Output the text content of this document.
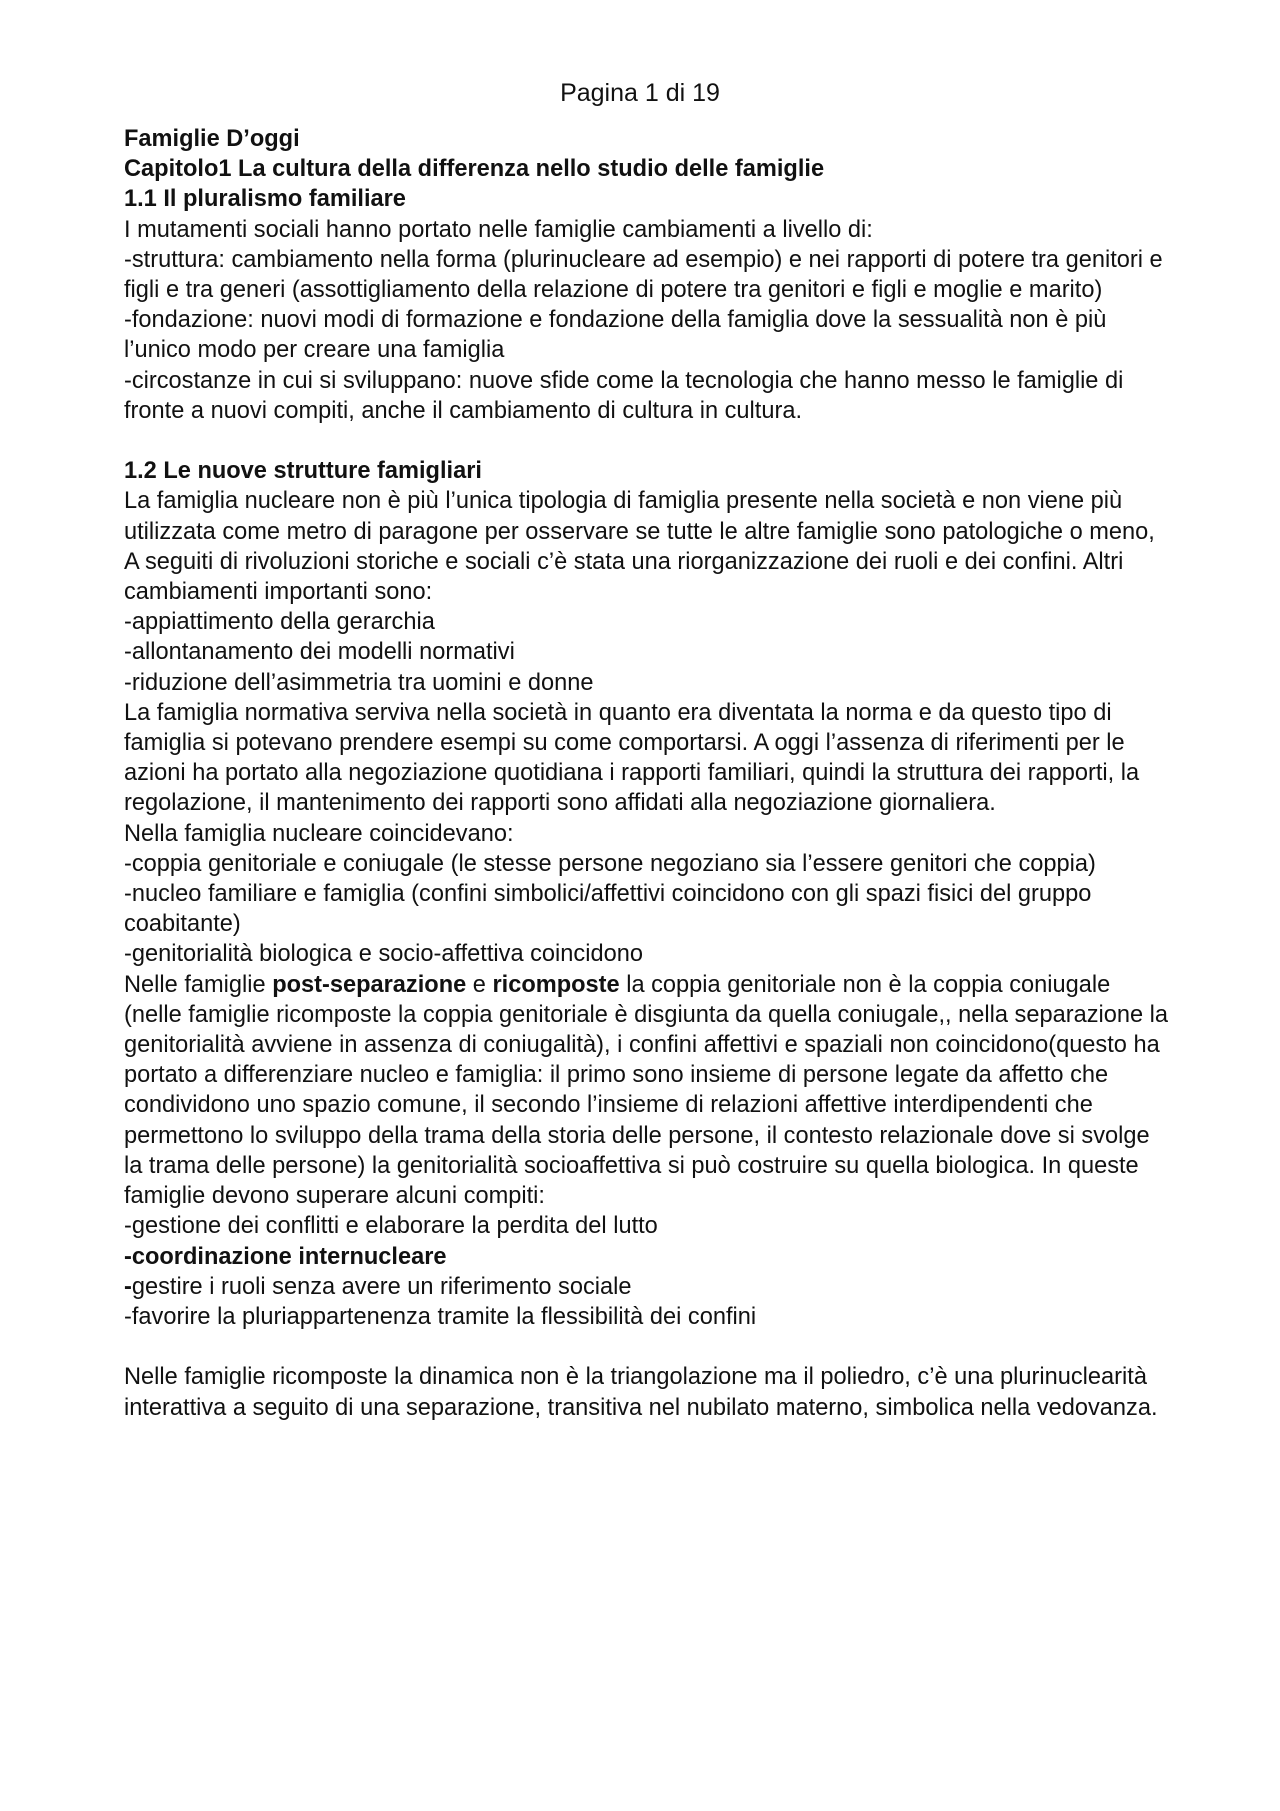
Pagina 1 di 19

Famiglie D’oggi

Capitolo1 La cultura della differenza nello studio delle famiglie

1.1 Il pluralismo familiare

I mutamenti sociali hanno portato nelle famiglie cambiamenti a livello di:

-struttura: cambiamento nella forma (plurinucleare ad esempio) e nei rapporti di potere tra genitori e figli e tra generi (assottigliamento della relazione di potere tra genitori e figli e moglie e marito)

-fondazione: nuovi modi di formazione e fondazione della famiglia dove la sessualità non è più l’unico modo per creare una famiglia

-circostanze in cui si sviluppano: nuove sfide come la tecnologia che hanno messo le famiglie di fronte a nuovi compiti, anche il cambiamento di cultura in cultura.

1.2 Le nuove strutture famigliari

La famiglia nucleare non è più l’unica tipologia di famiglia presente nella società e non viene più utilizzata come metro di paragone per osservare se tutte le altre famiglie sono patologiche o meno, A seguiti di rivoluzioni storiche e sociali c’è stata una riorganizzazione dei ruoli e dei confini. Altri cambiamenti importanti sono:

-appiattimento della gerarchia

-allontanamento dei modelli normativi

-riduzione dell’asimmetria tra uomini e donne

La famiglia normativa serviva nella società in quanto era diventata la norma e da questo tipo di famiglia si potevano prendere esempi su come comportarsi. A oggi l’assenza di riferimenti per le azioni ha portato alla negoziazione quotidiana i rapporti familiari, quindi la struttura dei rapporti, la regolazione, il mantenimento dei rapporti sono affidati alla negoziazione giornaliera.

Nella famiglia nucleare coincidevano:

-coppia genitoriale e coniugale (le stesse persone negoziano sia l’essere genitori che coppia)

-nucleo familiare e famiglia (confini simbolici/affettivi coincidono con gli spazi fisici del gruppo coabitante)

-genitorialità biologica e socio-affettiva coincidono

Nelle famiglie post-separazione e ricomposte la coppia genitoriale non è la coppia coniugale (nelle famiglie ricomposte la coppia genitoriale è disgiunta da quella coniugale,, nella separazione la genitorialità avviene in assenza di coniugalità), i confini affettivi e spaziali non coincidono(questo ha portato a differenziare nucleo e famiglia: il primo sono insieme di persone legate da affetto che condividono uno spazio comune, il secondo l’insieme di relazioni affettive interdipendenti che permettono lo sviluppo della trama della storia delle persone, il contesto relazionale dove si svolge la trama delle persone) la genitorialità socioaffettiva si può costruire su quella biologica. In queste famiglie devono superare alcuni compiti:

-gestione dei conflitti e elaborare la perdita del lutto

-coordinazione internucleare

-gestire i ruoli senza avere un riferimento sociale

-favorire la pluriappartenenza tramite la flessibilità dei confini

Nelle famiglie ricomposte la dinamica non è la triangolazione ma il poliedro, c’è una plurinuclearità interattiva a seguito di una separazione, transitiva nel nubilato materno, simbolica nella vedovanza.
